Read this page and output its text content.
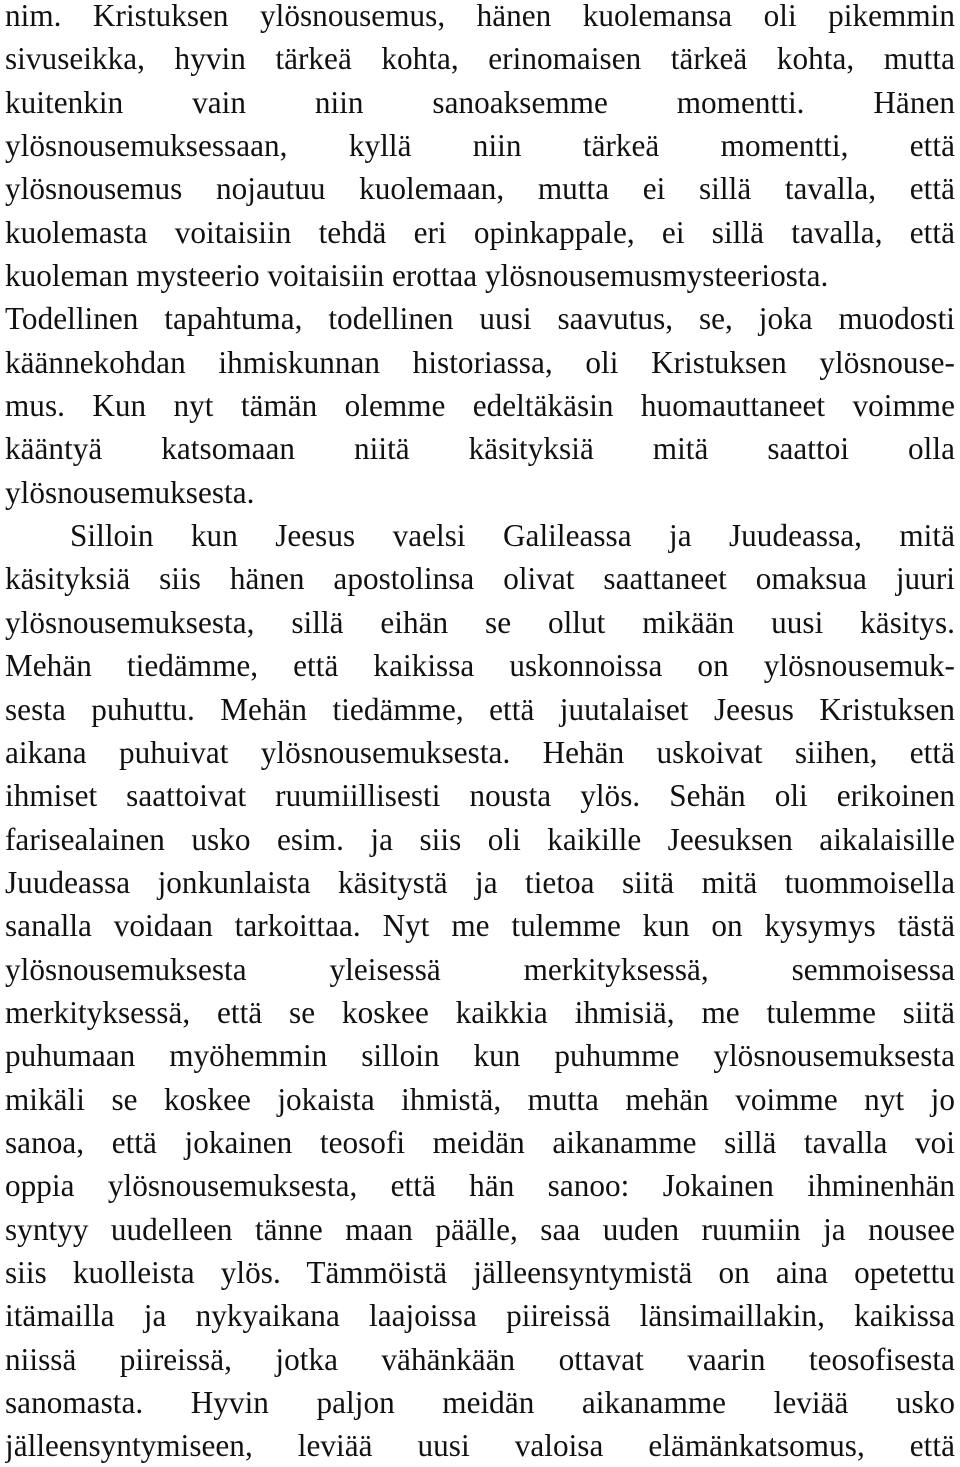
nim. Kristuksen ylösnousemus, hänen kuolemansa oli pikemmin
sivuseikka, hyvin tärkeä kohta, erinomaisen tärkeä kohta, mutta
kuitenkin vain niin sanoaksemme momentti. Hänen
ylösnousemuksessaan, kyllä niin tärkeä momentti, että
ylösnousemus nojautuu kuolemaan, mutta ei sillä tavalla, että
kuolemasta voitaisiin tehdä eri opinkappale, ei sillä tavalla, että
kuoleman mysteerio voitaisiin erottaa ylösnousemusmysteeriosta.
Todellinen tapahtuma, todellinen uusi saavutus, se, joka muodosti
käännekohdan ihmiskunnan historiassa, oli Kristuksen ylösnouse-
mus. Kun nyt tämän olemme edeltäkäsin huomauttaneet voimme
kääntyä katsomaan niitä käsityksiä mitä saattoi olla
ylösnousemuksesta.
Silloin kun Jeesus vaelsi Galileassa ja Juudeassa, mitä
käsityksiä siis hänen apostolinsa olivat saattaneet omaksua juuri
ylösnousemuksesta, sillä eihän se ollut mikään uusi käsitys.
Mehän tiedämme, että kaikissa uskonnoissa on ylösnousemuk-
sesta puhuttu. Mehän tiedämme, että juutalaiset Jeesus Kristuksen
aikana puhuivat ylösnousemuksesta. Hehän uskoivat siihen, että
ihmiset saattoivat ruumiillisesti nousta ylös. Sehän oli erikoinen
farisealainen usko esim. ja siis oli kaikille Jeesuksen aikalaisille
Juudeassa jonkunlaista käsitystä ja tietoa siitä mitä tuommoisella
sanalla voidaan tarkoittaa. Nyt me tulemme kun on kysymys tästä
ylösnousemuksesta yleisessä merkityksessä, semmoisessa
merkityksessä, että se koskee kaikkia ihmisiä, me tulemme siitä
puhumaan myöhemmin silloin kun puhumme ylösnousemuksesta
mikäli se koskee jokaista ihmistä, mutta mehän voimme nyt jo
sanoa, että jokainen teosofi meidän aikanamme sillä tavalla voi
oppia ylösnousemuksesta, että hän sanoo: Jokainen ihminenhän
syntyy uudelleen tänne maan päälle, saa uuden ruumiin ja nousee
siis kuolleista ylös. Tämmöistä jälleensyntymistä on aina opetettu
itämailla ja nykyaikana laajoissa piireissä länsimaillakin, kaikissa
niissä piireissä, jotka vähänkään ottavat vaarin teosofisesta
sanomasta. Hyvin paljon meidän aikanamme leviää usko
jälleensyntymiseen, leviää uusi valoisa elämänkatsomus, että
